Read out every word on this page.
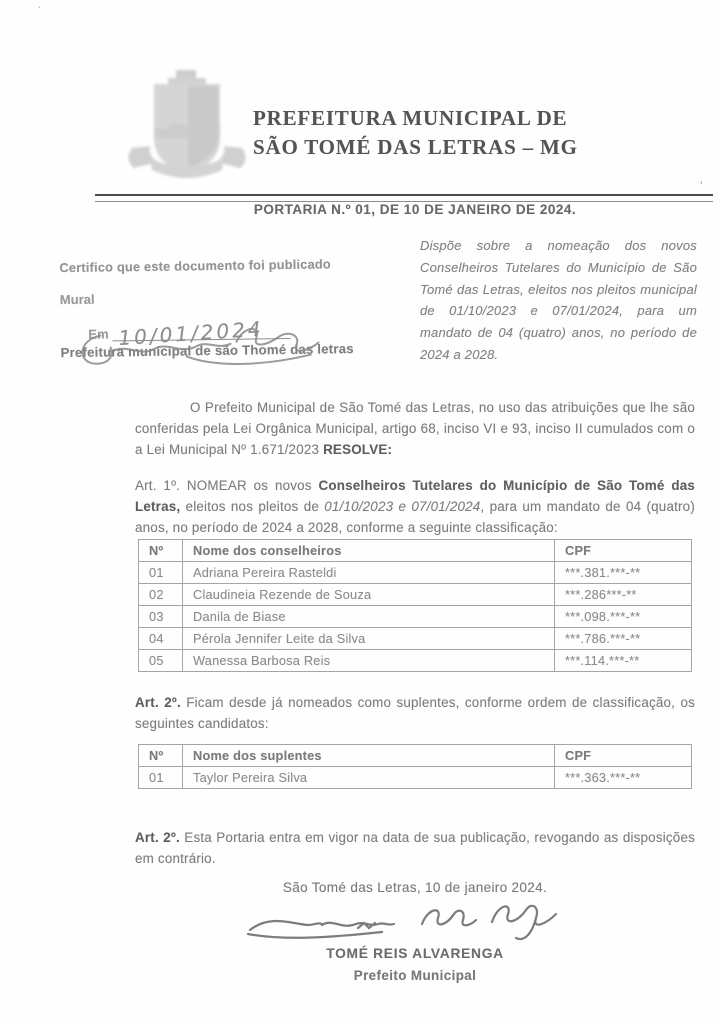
PREFEITURA MUNICIPAL DE
SÃO TOMÉ DAS LETRAS – MG
PORTARIA N.º 01, DE 10 DE JANEIRO DE 2024.
Certifico que este documento foi publicado
Mural
Em 10/01/2024
Prefeitura municipal de são Thomé das letras
Dispõe sobre a nomeação dos novos Conselheiros Tutelares do Município de São Tomé das Letras, eleitos nos pleitos municipal de 01/10/2023 e 07/01/2024, para um mandato de 04 (quatro) anos, no período de 2024 a 2028.

O Prefeito Municipal de São Tomé das Letras, no uso das atribuições que lhe são conferidas pela Lei Orgânica Municipal, artigo 68, inciso VI e 93, inciso II cumulados com o a Lei Municipal Nº 1.671/2023 RESOLVE:

Art. 1º. NOMEAR os novos Conselheiros Tutelares do Município de São Tomé das Letras, eleitos nos pleitos de 01/10/2023 e 07/01/2024, para um mandato de 04 (quatro) anos, no período de 2024 a 2028, conforme a seguinte classificação:

Nº	Nome dos conselheiros	CPF
01	Adriana Pereira Rasteldi	***.381.***-**
02	Claudineia Rezende de Souza	***.286***-**
03	Danila de Biase	***.098.***-**
04	Pérola Jennifer Leite da Silva	***.786.***-**
05	Wanessa Barbosa Reis	***.114.***-**

Art. 2º. Ficam desde já nomeados como suplentes, conforme ordem de classificação, os seguintes candidatos:

Nº	Nome dos suplentes	CPF
01	Taylor Pereira Silva	***.363.***-**

Art. 2º. Esta Portaria entra em vigor na data de sua publicação, revogando as disposições em contrário.

São Tomé das Letras, 10 de janeiro 2024.
TOMÉ REIS ALVARENGA
Prefeito Municipal
’
`
